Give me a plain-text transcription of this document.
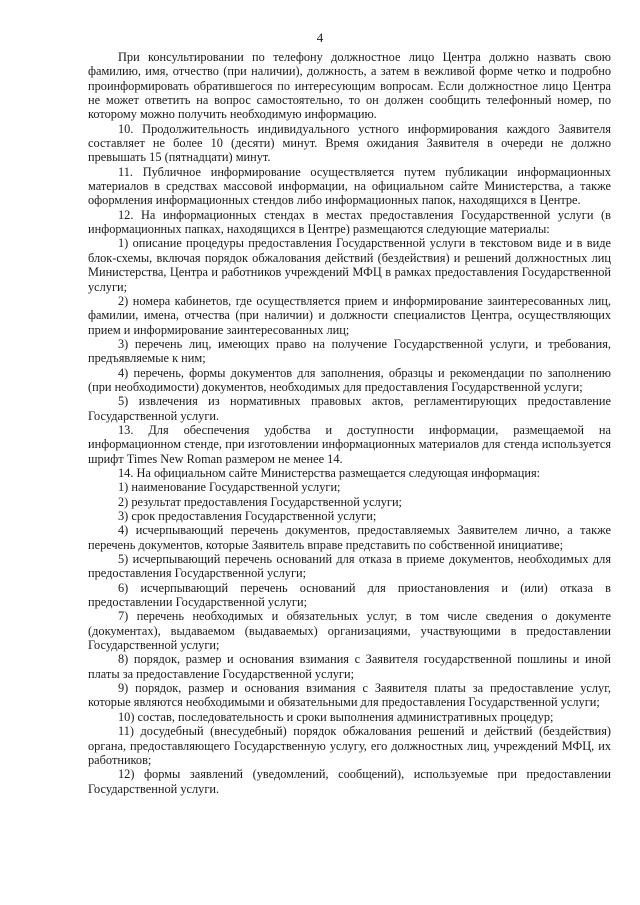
4

При консультировании по телефону должностное лицо Центра должно назвать свою фамилию, имя, отчество (при наличии), должность, а затем в вежливой форме четко и подробно проинформировать обратившегося по интересующим вопросам. Если должностное лицо Центра не может ответить на вопрос самостоятельно, то он должен сообщить телефонный номер, по которому можно получить необходимую информацию.

10. Продолжительность индивидуального устного информирования каждого Заявителя составляет не более 10 (десяти) минут. Время ожидания Заявителя в очереди не должно превышать 15 (пятнадцати) минут.

11. Публичное информирование осуществляется путем публикации информационных материалов в средствах массовой информации, на официальном сайте Министерства, а также оформления информационных стендов либо информационных папок, находящихся в Центре.

12. На информационных стендах в местах предоставления Государственной услуги (в информационных папках, находящихся в Центре) размещаются следующие материалы:

1) описание процедуры предоставления Государственной услуги в текстовом виде и в виде блок-схемы, включая порядок обжалования действий (бездействия) и решений должностных лиц Министерства, Центра и работников учреждений МФЦ в рамках предоставления Государственной услуги;

2) номера кабинетов, где осуществляется прием и информирование заинтересованных лиц, фамилии, имена, отчества (при наличии) и должности специалистов Центра, осуществляющих прием и информирование заинтересованных лиц;

3) перечень лиц, имеющих право на получение Государственной услуги, и требования, предъявляемые к ним;

4) перечень, формы документов для заполнения, образцы и рекомендации по заполнению (при необходимости) документов, необходимых для предоставления Государственной услуги;

5) извлечения из нормативных правовых актов, регламентирующих предоставление Государственной услуги.

13. Для обеспечения удобства и доступности информации, размещаемой на информационном стенде, при изготовлении информационных материалов для стенда используется шрифт Times New Roman размером не менее 14.

14. На официальном сайте Министерства размещается следующая информация:

1) наименование Государственной услуги;

2) результат предоставления Государственной услуги;

3) срок предоставления Государственной услуги;

4) исчерпывающий перечень документов, предоставляемых Заявителем лично, а также перечень документов, которые Заявитель вправе представить по собственной инициативе;

5) исчерпывающий перечень оснований для отказа в приеме документов, необходимых для предоставления Государственной услуги;

6) исчерпывающий перечень оснований для приостановления и (или) отказа в предоставлении Государственной услуги;

7) перечень необходимых и обязательных услуг, в том числе сведения о документе (документах), выдаваемом (выдаваемых) организациями, участвующими в предоставлении Государственной услуги;

8) порядок, размер и основания взимания с Заявителя государственной пошлины и иной платы за предоставление Государственной услуги;

9) порядок, размер и основания взимания с Заявителя платы за предоставление услуг, которые являются необходимыми и обязательными для предоставления Государственной услуги;

10) состав, последовательность и сроки выполнения административных процедур;

11) досудебный (внесудебный) порядок обжалования решений и действий (бездействия) органа, предоставляющего Государственную услугу, его должностных лиц, учреждений МФЦ, их работников;

12) формы заявлений (уведомлений, сообщений), используемые при предоставлении Государственной услуги.
